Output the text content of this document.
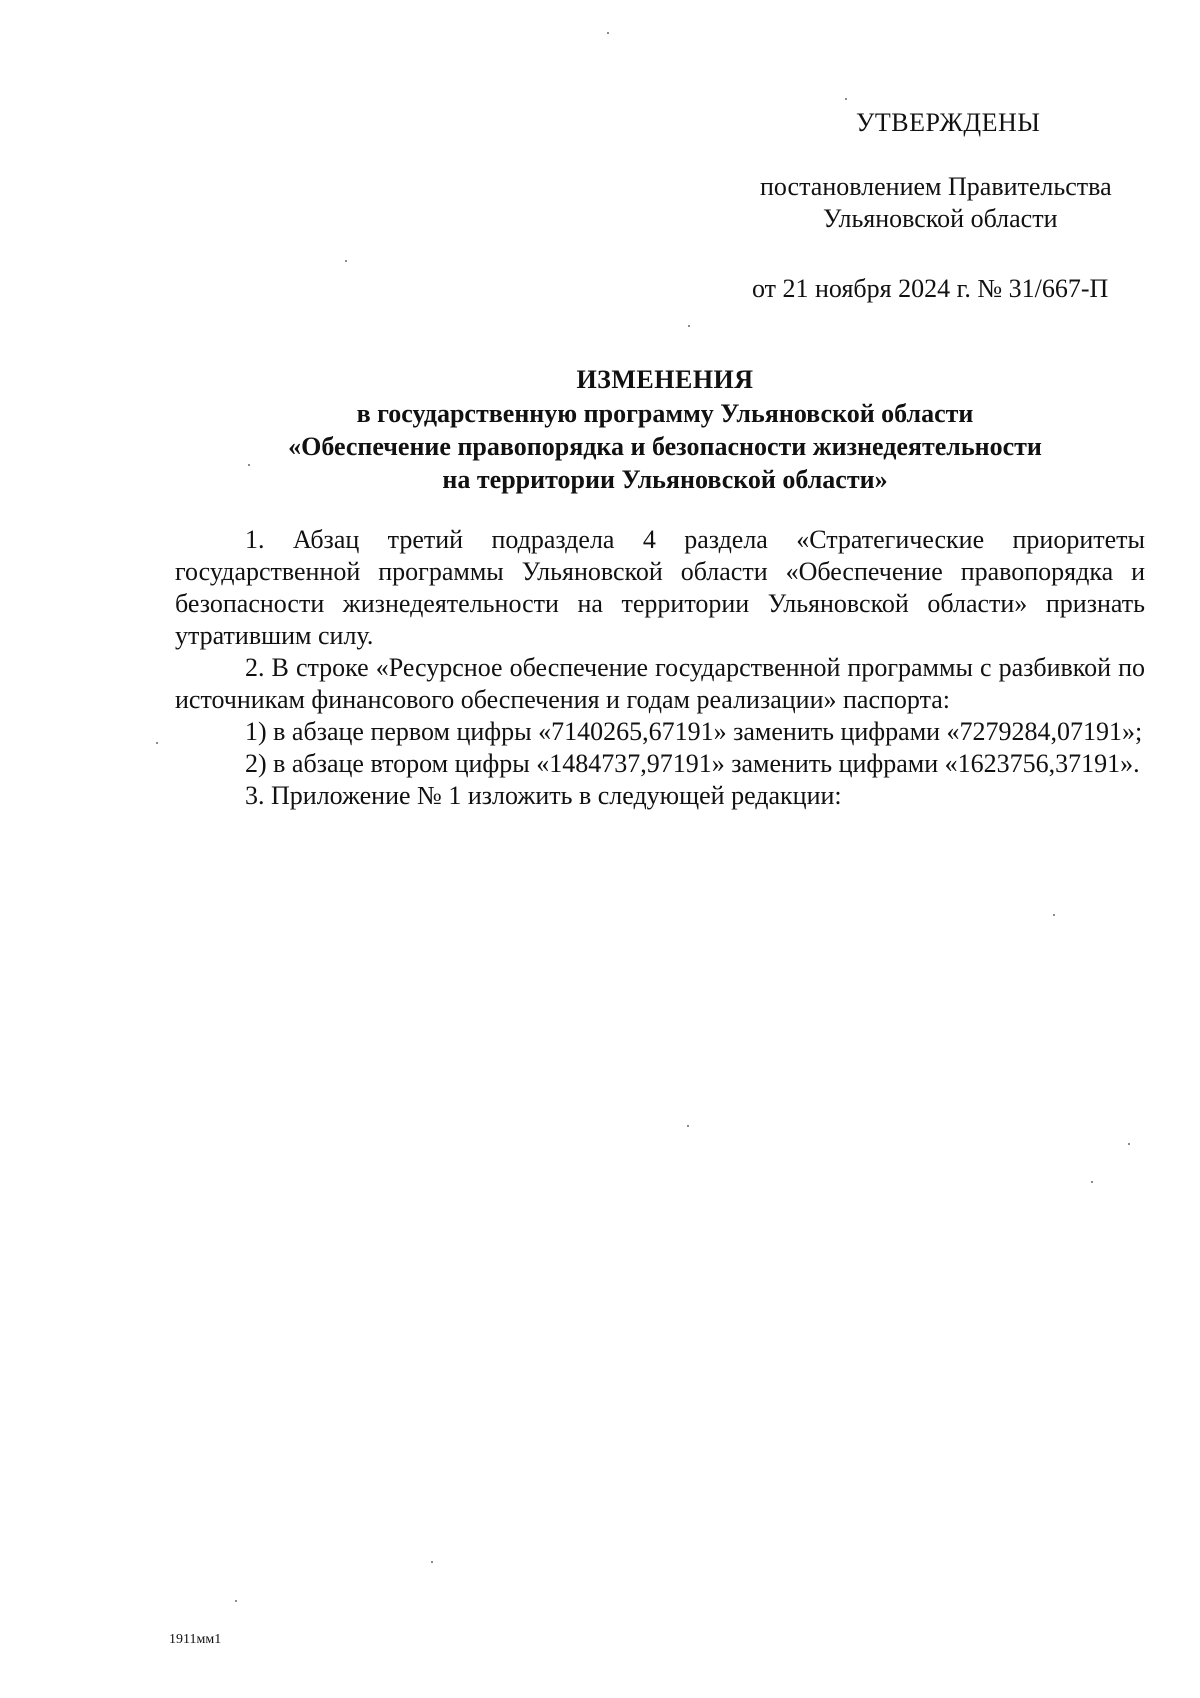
УТВЕРЖДЕНЫ
постановлением Правительства
Ульяновской области
от 21 ноября 2024 г. № 31/667-П
ИЗМЕНЕНИЯ
в государственную программу Ульяновской области
«Обеспечение правопорядка и безопасности жизнедеятельности
на территории Ульяновской области»

1. Абзац третий подраздела 4 раздела «Стратегические приоритеты государственной программы Ульяновской области «Обеспечение правопорядка и безопасности жизнедеятельности на территории Ульяновской области» признать утратившим силу.

2. В строке «Ресурсное обеспечение государственной программы с разбивкой по источникам финансового обеспечения и годам реализации» паспорта:

1) в абзаце первом цифры «7140265,67191» заменить цифрами «7279284,07191»;

2) в абзаце втором цифры «1484737,97191» заменить цифрами «1623756,37191».

3. Приложение № 1 изложить в следующей редакции:

1911мм1
